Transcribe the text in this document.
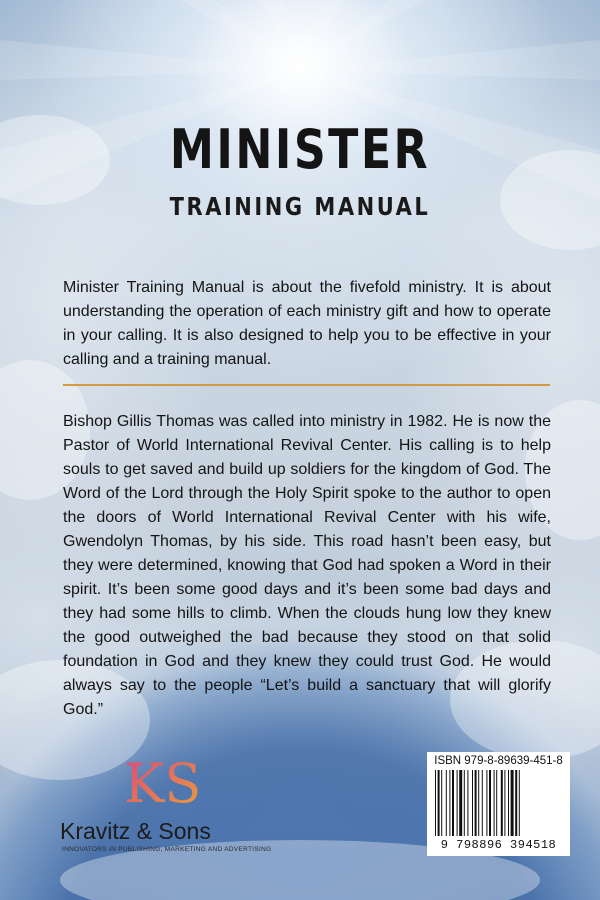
MINISTER
TRAINING MANUAL

Minister Training Manual is about the fivefold ministry. It is about understanding the operation of each ministry gift and how to operate in your calling. It is also designed to help you to be effective in your calling and a training manual.

Bishop Gillis Thomas was called into ministry in 1982. He is now the Pastor of World International Revival Center. His calling is to help souls to get saved and build up soldiers for the kingdom of God. The Word of the Lord through the Holy Spirit spoke to the author to open the doors of World International Revival Center with his wife, Gwendolyn Thomas, by his side. This road hasn’t been easy, but they were determined, knowing that God had spoken a Word in their spirit. It’s been some good days and it’s been some bad days and they had some hills to climb. When the clouds hung low they knew the good outweighed the bad because they stood on that solid foundation in God and they knew they could trust God. He would always say to the people “Let’s build a sanctuary that will glorify God.”

KS
Kravitz & Sons
INNOVATORS IN PUBLISHING, MARKETING AND ADVERTISING
ISBN 979-8-89639-451-8
9 798896 394518
